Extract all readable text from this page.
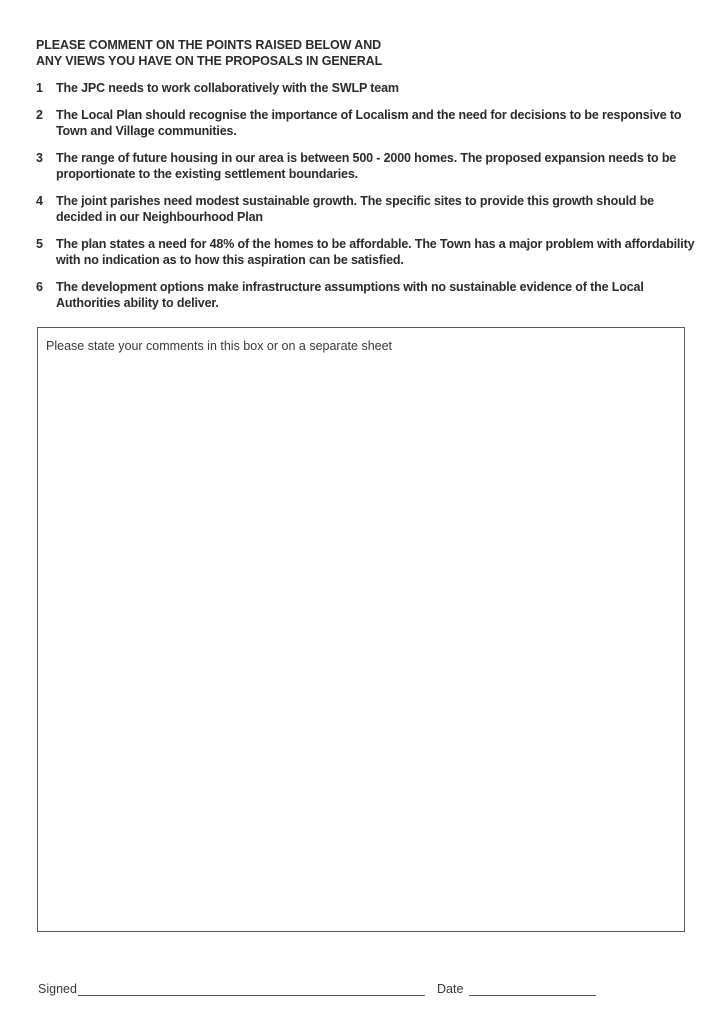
PLEASE COMMENT ON THE POINTS RAISED BELOW AND
ANY VIEWS YOU HAVE ON THE PROPOSALS IN GENERAL
1 The JPC needs to work collaboratively with the SWLP team
2 The Local Plan should recognise the importance of Localism and the need for decisions to be responsive to Town and Village communities.
3 The range of future housing in our area is between 500 - 2000 homes. The proposed expansion needs to be proportionate to the existing settlement boundaries.
4 The joint parishes need modest sustainable growth. The specific sites to provide this growth should be decided in our Neighbourhood Plan
5 The plan states a need for 48% of the homes to be affordable. The Town has a major problem with affordability with no indication as to how this aspiration can be satisfied.
6 The development options make infrastructure assumptions with no sustainable evidence of the Local Authorities ability to deliver.
Please state your comments in this box or on a separate sheet
Signed	Date
